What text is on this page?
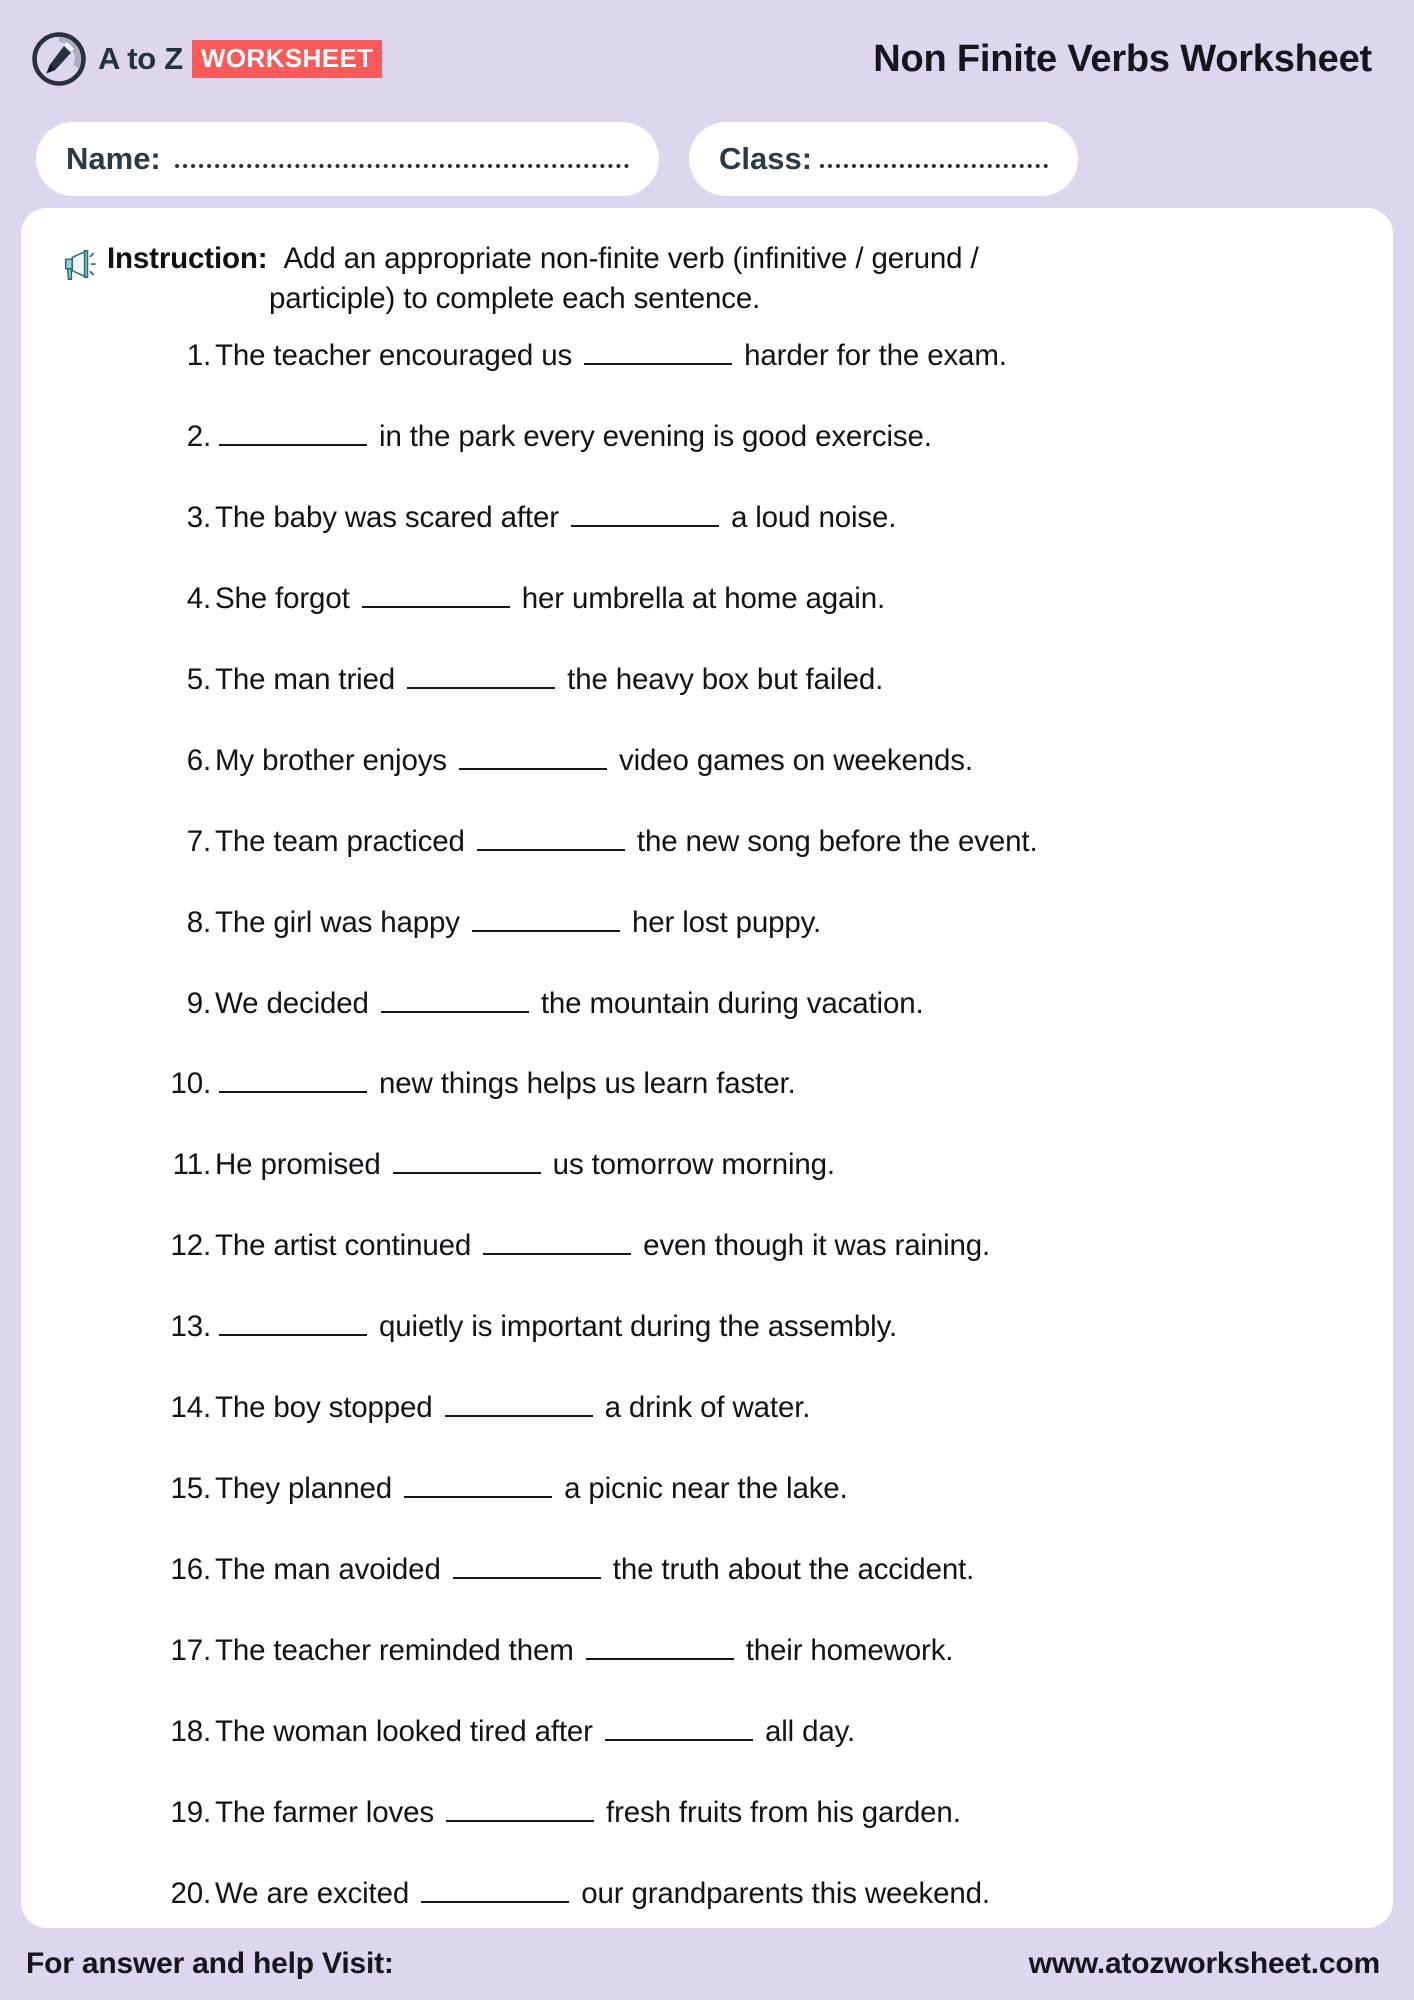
A to Z WORKSHEET	Non Finite Verbs Worksheet
Name:	Class:
Instruction: Add an appropriate non-finite verb (infinitive / gerund /
participle) to complete each sentence.
1. The teacher encouraged us	harder for the exam.
2.	in the park every evening is good exercise.
3. The baby was scared after	a loud noise.
4. She forgot	her umbrella at home again.
5. The man tried	the heavy box but failed.
6. My brother enjoys	video games on weekends.
7. The team practiced	the new song before the event.
8. The girl was happy	her lost puppy.
9. We decided	the mountain during vacation.
10.	new things helps us learn faster.
11. He promised	us tomorrow morning.
12. The artist continued	even though it was raining.
13.	quietly is important during the assembly.
14. The boy stopped	a drink of water.
15. They planned	a picnic near the lake.
16. The man avoided	the truth about the accident.
17. The teacher reminded them	their homework.
18. The woman looked tired after	all day.
19. The farmer loves	fresh fruits from his garden.
20. We are excited	our grandparents this weekend.
For answer and help Visit:	www.atozworksheet.com
